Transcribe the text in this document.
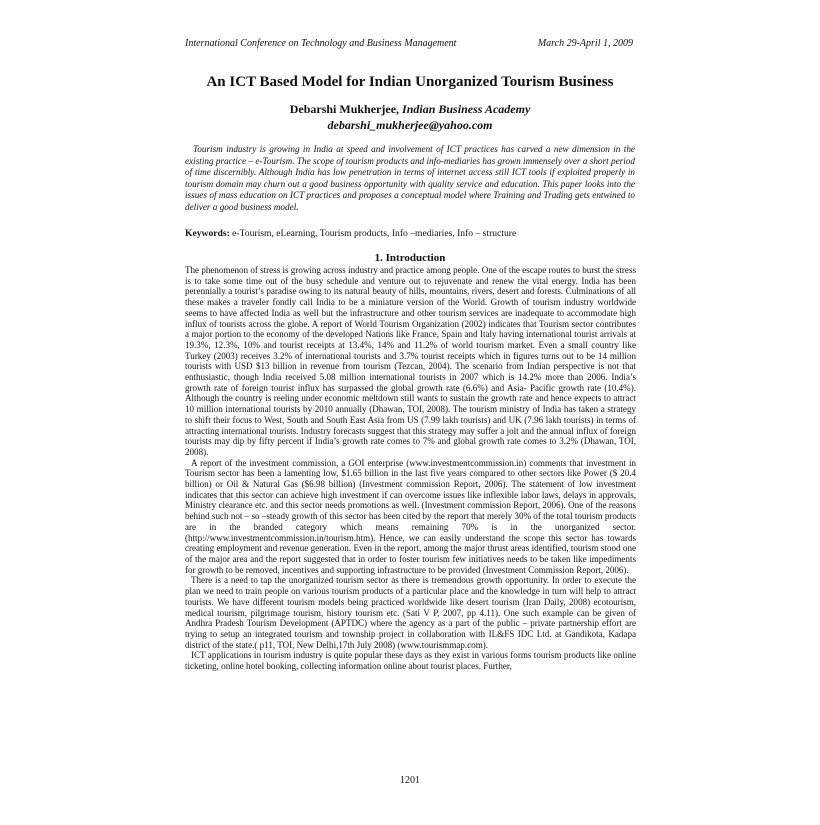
International Conference on Technology and Business Management	March 29-April 1, 2009
An ICT Based Model for Indian Unorganized Tourism Business
Debarshi Mukherjee, Indian Business Academy
debarshi_mukherjee@yahoo.com
Tourism industry is growing in India at speed and involvement of ICT practices has carved a new dimension in the existing practice – e-Tourism. The scope of tourism products and info-mediaries has grown immensely over a short period of time discernibly. Although India has low penetration in terms of internet access still ICT tools if exploited properly in tourism domain may churn out a good business opportunity with quality service and education. This paper looks into the issues of mass education on ICT practices and proposes a conceptual model where Training and Trading gets entwined to deliver a good business model.
Keywords: e-Tourism, eLearning, Tourism products, Info –mediaries, Info – structure
1. Introduction

The phenomenon of stress is growing across industry and practice among people. One of the escape routes to burst the stress is to take some time out of the busy schedule and venture out to rejuvenate and renew the vital energy. India has been perennially a tourist’s paradise owing to its natural beauty of hills, mountains, rivers, desert and forests. Culminations of all these makes a traveler fondly call India to be a miniature version of the World. Growth of tourism industry worldwide seems to have affected India as well but the infrastructure and other tourism services are inadequate to accommodate high influx of tourists across the globe. A report of World Tourism Organization (2002) indicates that Tourism sector contributes a major portion to the economy of the developed Nations like France, Spain and Italy having international tourist arrivals at 19.3%, 12.3%, 10% and tourist receipts at 13.4%, 14% and 11.2% of world tourism market. Even a small country like Turkey (2003) receives 3.2% of international tourists and 3.7% tourist receipts which in figures turns out to be 14 million tourists with USD $13 billion in revenue from tourism (Tezcan, 2004). The scenario from Indian perspective is not that enthusiastic, though India received 5.08 million international tourists in 2007 which is 14.2% more than 2006. India’s growth rate of foreign tourist influx has surpassed the global growth rate (6.6%) and Asia- Pacific growth rate (10.4%). Although the country is reeling under economic meltdown still wants to sustain the growth rate and hence expects to attract 10 million international tourists by 2010 annually (Dhawan, TOI, 2008). The tourism ministry of India has taken a strategy to shift their focus to West, South and South East Asia from US (7.99 lakh tourists) and UK (7.96 lakh tourists) in terms of attracting international tourists. Industry forecasts suggest that this strategy may suffer a jolt and the annual influx of foreign tourists may dip by fifty percent if India’s growth rate comes to 7% and global growth rate comes to 3.2% (Dhawan, TOI, 2008).

A report of the investment commission, a GOI enterprise (www.investmentcommission.in) comments that investment in Tourism sector has been a lamenting low, $1.65 billion in the last five years compared to other sectors like Power ($ 20.4 billion) or Oil & Natural Gas ($6.98 billion) (Investment commission Report, 2006). The statement of low investment indicates that this sector can achieve high investment if can overcome issues like inflexible labor laws, delays in approvals, Ministry clearance etc. and this sector needs promotions as well. (Investment commission Report, 2006). One of the reasons behind such not – so –steady growth of this sector has been cited by the report that merely 30% of the total tourism products are in the branded category which means remaining 70% is in the unorganized sector. (http://www.investmentcommission.in/tourism.htm). Hence, we can easily understand the scope this sector has towards creating employment and revenue generation. Even in the report, among the major thrust areas identified, tourism stood one of the major area and the report suggested that in order to foster tourism few initiatives needs to be taken like impediments for growth to be removed, incentives and supporting infrastructure to be provided (Investment Commission Report, 2006).

There is a need to tap the unorganized tourism sector as there is tremendous growth opportunity. In order to execute the plan we need to train people on various tourism products of a particular place and the knowledge in turn will help to attract tourists. We have different tourism models being practiced worldwide like desert tourism (Iran Daily, 2008) ecotourism, medical tourism, pilgrimage tourism, history tourism etc. (Sati V P, 2007, pp 4.11). One such example can be given of Andhra Pradesh Tourism Development (APTDC) where the agency as a part of the public – private partnership effort are trying to setup an integrated tourism and township project in collaboration with IL&FS IDC Ltd. at Gandikota, Kadapa district of the state.( p11, TOI, New Delhi,17th July 2008) (www.tourismmap.com).

ICT applications in tourism industry is quite popular these days as they exist in various forms tourism products like online ticketing, online hotel booking, collecting information online about tourist places. Further,

1201
